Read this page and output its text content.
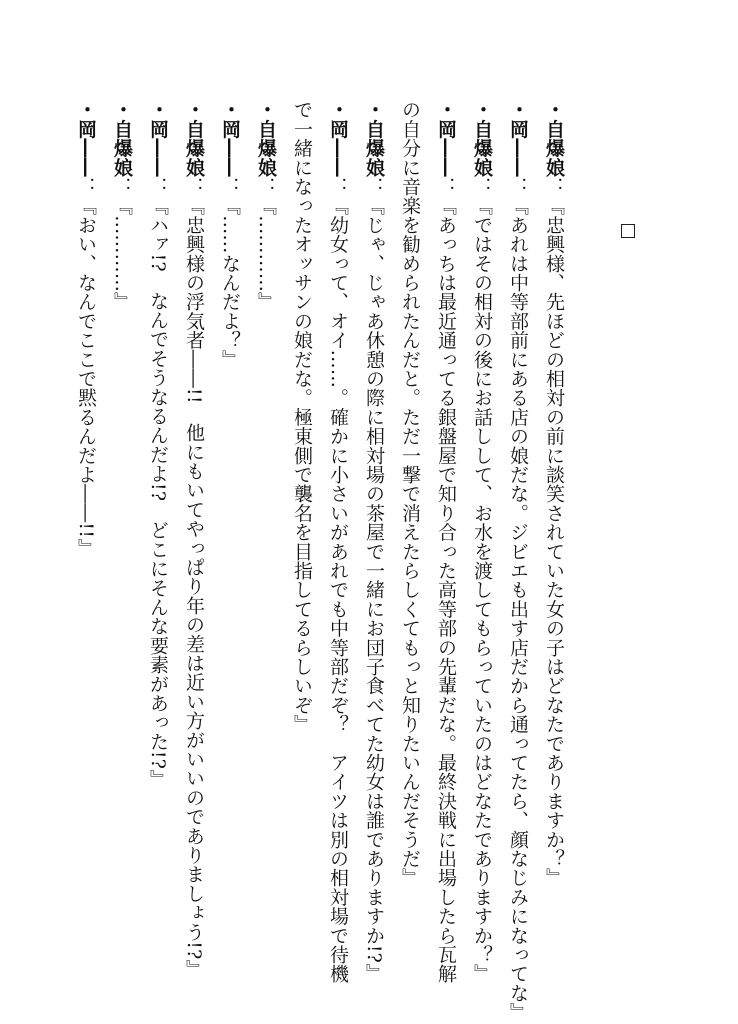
・自爆娘：『忠興様、先ほどの相対の前に談笑されていた女の子はどなたでありますか？』
・岡――：『あれは中等部前にある店の娘だな。ジビエも出す店だから通ってたら、顔なじみになってな』
・自爆娘：『ではその相対の後にお話しして、お水を渡してもらっていたのはどなたでありますか？』
・岡――：『あっちは最近通ってる銀盤屋で知り合った高等部の先輩だな。最終決戦に出場したら瓦解
の自分に音楽を勧められたんだと。ただ一撃で消えたらしくてもっと知りたいんだそうだ』
・自爆娘：『じゃ、じゃあ休憩の際に相対場の茶屋で一緒にお団子食べてた幼女は誰でありますか!?』
・岡――：『幼女って、オイ……。確かに小さいがあれでも中等部だぞ？　アイツは別の相対場で待機
で一緒になったオッサンの娘だな。極東側で襲名を目指してるらしいぞ』
・自爆娘：『…………』
・岡――：『……なんだよ？』
・自爆娘：『忠興様の浮気者――!!　他にもいてやっぱり年の差は近い方がいいのでありましょう!?』
・岡――：『ハァ!?　なんでそうなるんだよ!?　どこにそんな要素があった!?』
・自爆娘：『…………』
・岡――：『おい、なんでここで黙るんだよ――!!』
